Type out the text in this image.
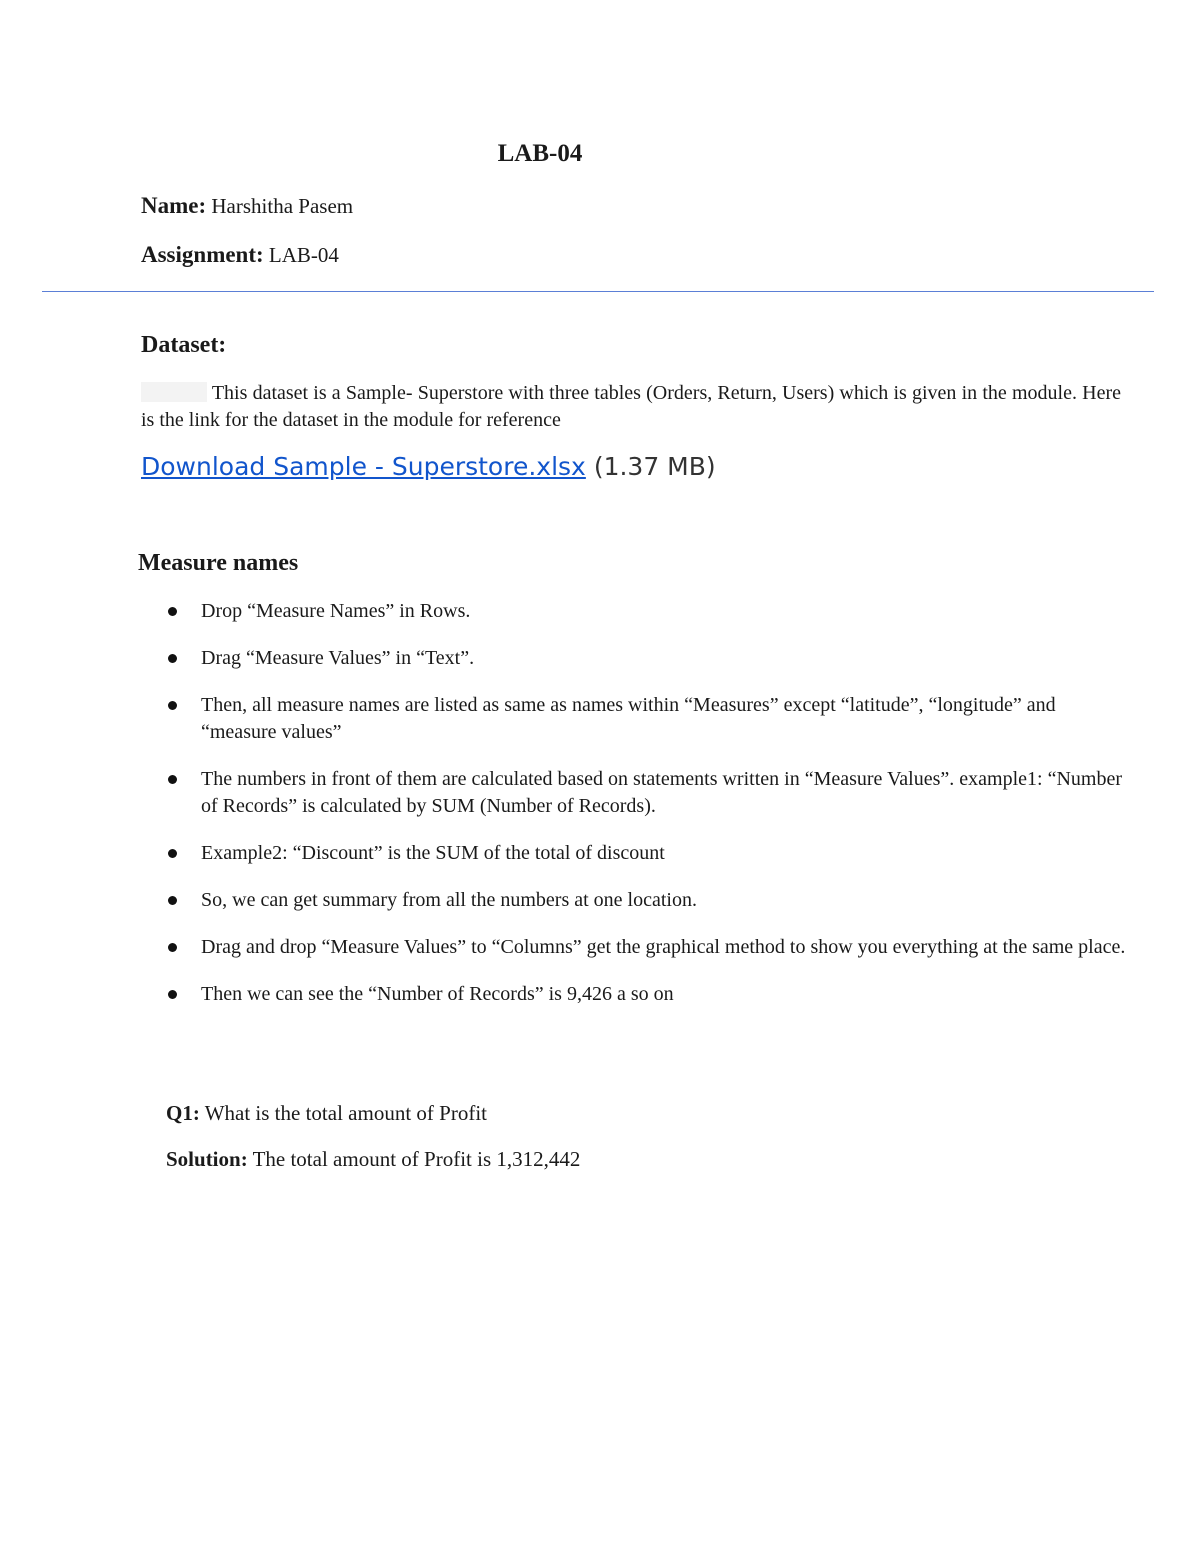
LAB-04
Name: Harshitha Pasem
Assignment: LAB-04
Dataset:
This dataset is a Sample- Superstore with three tables (Orders, Return, Users) which is given in the module. Here is the link for the dataset in the module for reference
Download Sample - Superstore.xlsx (1.37 MB)
Measure names
Drop “Measure Names” in Rows.
Drag “Measure Values” in “Text”.
Then, all measure names are listed as same as names within “Measures” except “latitude”, “longitude” and “measure values”
The numbers in front of them are calculated based on statements written in “Measure Values”. example1: “Number of Records” is calculated by SUM (Number of Records).
Example2: “Discount” is the SUM of the total of discount
So, we can get summary from all the numbers at one location.
Drag and drop “Measure Values” to “Columns” get the graphical method to show you everything at the same place.
Then we can see the “Number of Records” is 9,426 a so on
Q1: What is the total amount of Profit
Solution: The total amount of Profit is 1,312,442
